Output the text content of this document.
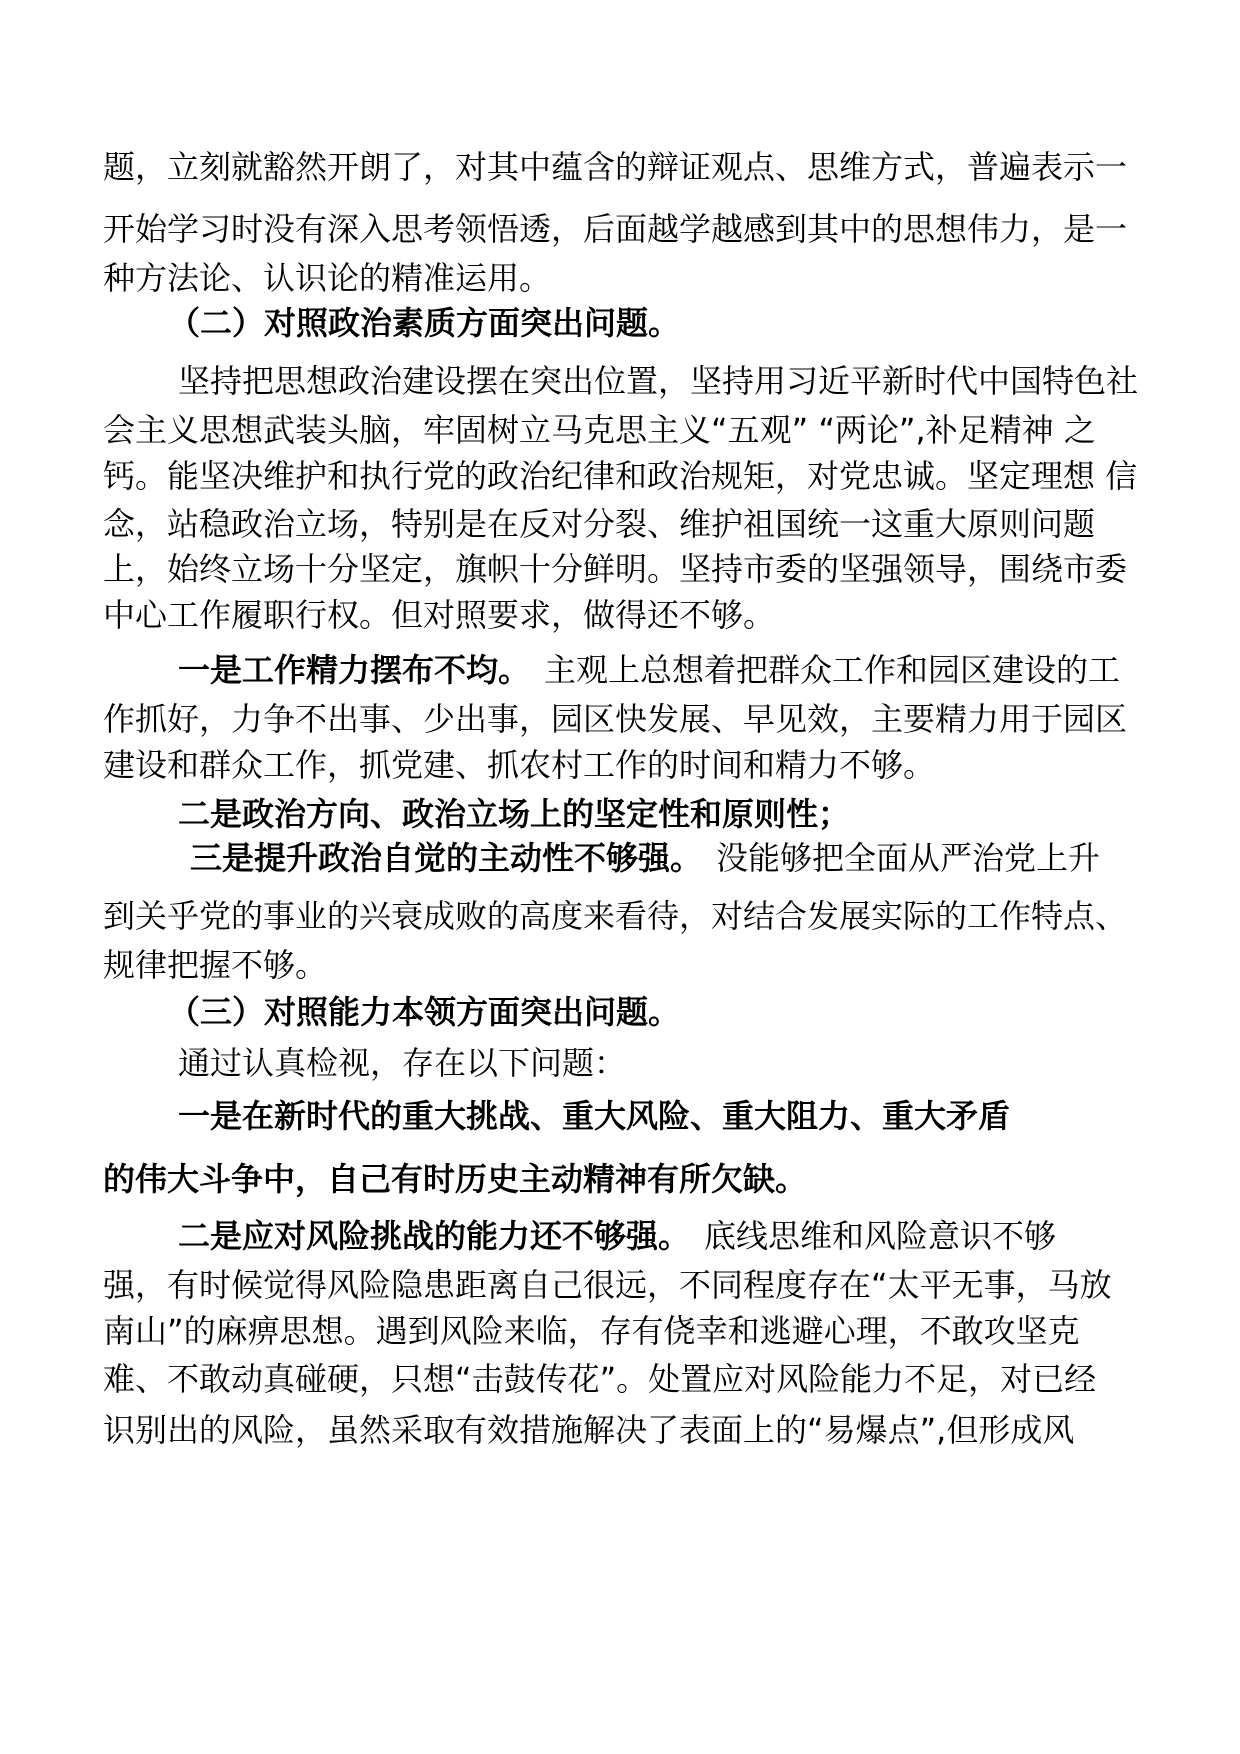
题，立刻就豁然开朗了，对其中蕴含的辩证观点、思维方式，普遍表示一
开始学习时没有深入思考领悟透，后面越学越感到其中的思想伟力，是一
种方法论、认识论的精准运用。
（二）对照政治素质方面突出问题。
坚持把思想政治建设摆在突出位置，坚持用习近平新时代中国特色社
会主义思想武装头脑，牢固树立马克思主义“五观” “两论”,补足精神 之
钙。能坚决维护和执行党的政治纪律和政治规矩，对党忠诚。坚定理想 信
念，站稳政治立场，特别是在反对分裂、维护祖国统一这重大原则问题
上，始终立场十分坚定，旗帜十分鲜明。坚持市委的坚强领导，围绕市委
中心工作履职行权。但对照要求，做得还不够。
一是工作精力摆布不均。 主观上总想着把群众工作和园区建设的工
作抓好，力争不出事、少出事，园区快发展、早见效，主要精力用于园区
建设和群众工作，抓党建、抓农村工作的时间和精力不够。
二是政治方向、政治立场上的坚定性和原则性；
三是提升政治自觉的主动性不够强。 没能够把全面从严治党上升
到关乎党的事业的兴衰成败的高度来看待，对结合发展实际的工作特点、
规律把握不够。
（三）对照能力本领方面突出问题。
通过认真检视，存在以下问题：
一是在新时代的重大挑战、重大风险、重大阻力、重大矛盾
的伟大斗争中，自己有时历史主动精神有所欠缺。
二是应对风险挑战的能力还不够强。 底线思维和风险意识不够
强，有时候觉得风险隐患距离自己很远，不同程度存在“太平无事，马放
南山”的麻痹思想。遇到风险来临，存有侥幸和逃避心理，不敢攻坚克
难、不敢动真碰硬，只想“击鼓传花”。处置应对风险能力不足，对已经
识别出的风险，虽然采取有效措施解决了表面上的“易爆点”,但形成风
